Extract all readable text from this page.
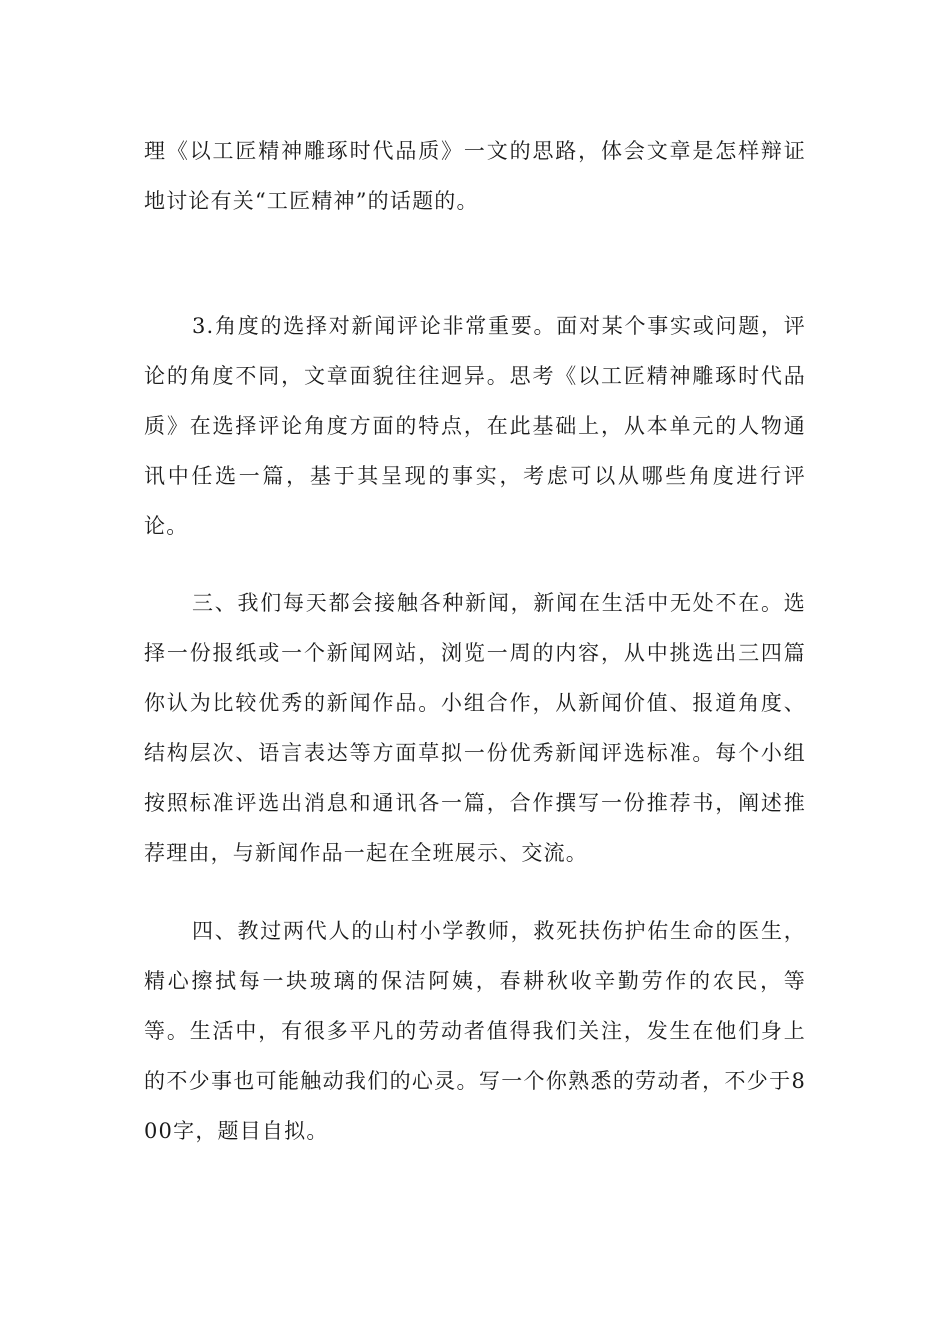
理《以工匠精神雕琢时代品质》一文的思路，体会文章是怎样辩证地讨论有关“工匠精神”的话题的。

3.角度的选择对新闻评论非常重要。面对某个事实或问题，评论的角度不同，文章面貌往往迥异。思考《以工匠精神雕琢时代品质》在选择评论角度方面的特点，在此基础上，从本单元的人物通讯中任选一篇，基于其呈现的事实，考虑可以从哪些角度进行评论。

三、我们每天都会接触各种新闻，新闻在生活中无处不在。选择一份报纸或一个新闻网站，浏览一周的内容，从中挑选出三四篇你认为比较优秀的新闻作品。小组合作，从新闻价值、报道角度、结构层次、语言表达等方面草拟一份优秀新闻评选标准。每个小组按照标准评选出消息和通讯各一篇，合作撰写一份推荐书，阐述推荐理由，与新闻作品一起在全班展示、交流。

四、教过两代人的山村小学教师，救死扶伤护佑生命的医生，精心擦拭每一块玻璃的保洁阿姨，春耕秋收辛勤劳作的农民，等等。生活中，有很多平凡的劳动者值得我们关注，发生在他们身上的不少事也可能触动我们的心灵。写一个你熟悉的劳动者，不少于800字，题目自拟。
